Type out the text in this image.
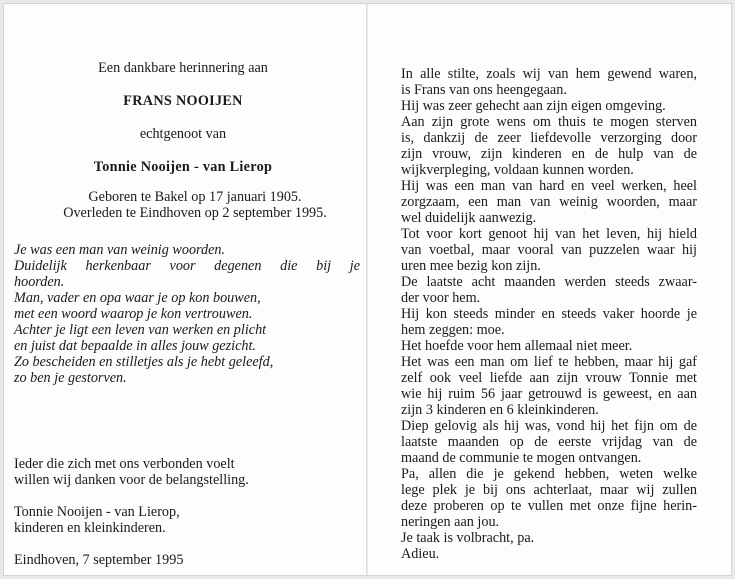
Een dankbare herinnering aan
FRANS NOOIJEN
echtgenoot van
Tonnie Nooijen - van Lierop
Geboren te Bakel op 17 januari 1905.
Overleden te Eindhoven op 2 september 1995.
Je was een man van weinig woorden.
Duidelijk herkenbaar voor degenen die bij je
hoorden.
Man, vader en opa waar je op kon bouwen,
met een woord waarop je kon vertrouwen.
Achter je ligt een leven van werken en plicht
en juist dat bepaalde in alles jouw gezicht.
Zo bescheiden en stilletjes als je hebt geleefd,
zo ben je gestorven.
Ieder die zich met ons verbonden voelt
willen wij danken voor de belangstelling.
Tonnie Nooijen - van Lierop,
kinderen en kleinkinderen.
Eindhoven, 7 september 1995
In alle stilte, zoals wij van hem gewend waren,
is Frans van ons heengegaan.
Hij was zeer gehecht aan zijn eigen omgeving.
Aan zijn grote wens om thuis te mogen sterven
is, dankzij de zeer liefdevolle verzorging door
zijn vrouw, zijn kinderen en de hulp van de
wijkverpleging, voldaan kunnen worden.
Hij was een man van hard en veel werken, heel
zorgzaam, een man van weinig woorden, maar
wel duidelijk aanwezig.
Tot voor kort genoot hij van het leven, hij hield
van voetbal, maar vooral van puzzelen waar hij
uren mee bezig kon zijn.
De laatste acht maanden werden steeds zwaar-
der voor hem.
Hij kon steeds minder en steeds vaker hoorde je
hem zeggen: moe.
Het hoefde voor hem allemaal niet meer.
Het was een man om lief te hebben, maar hij gaf
zelf ook veel liefde aan zijn vrouw Tonnie met
wie hij ruim 56 jaar getrouwd is geweest, en aan
zijn 3 kinderen en 6 kleinkinderen.
Diep gelovig als hij was, vond hij het fijn om de
laatste maanden op de eerste vrijdag van de
maand de communie te mogen ontvangen.
Pa, allen die je gekend hebben, weten welke
lege plek je bij ons achterlaat, maar wij zullen
deze proberen op te vullen met onze fijne herin-
neringen aan jou.
Je taak is volbracht, pa.
Adieu.
